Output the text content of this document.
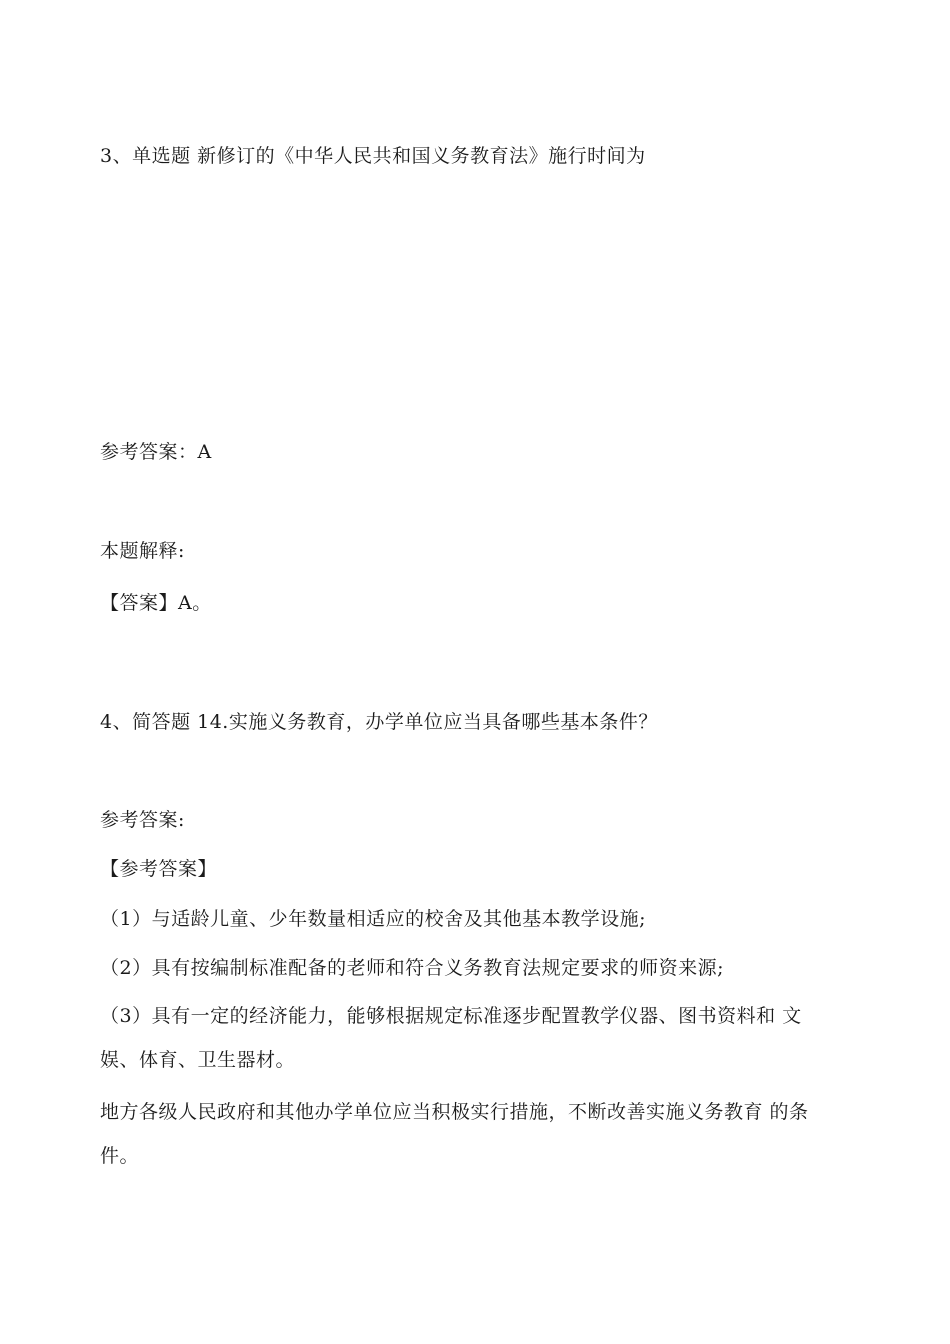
3、单选题 新修订的《中华人民共和国义务教育法》施行时间为
参考答案：A
本题解释:
【答案】A。
4、简答题 14.实施义务教育，办学单位应当具备哪些基本条件？
参考答案:
【参考答案】
（1）与适龄儿童、少年数量相适应的校舍及其他基本教学设施;
（2）具有按编制标准配备的老师和符合义务教育法规定要求的师资来源;

（3）具有一定的经济能力，能够根据规定标准逐步配置教学仪器、图书资料和 文娱、体育、卫生器材。

地方各级人民政府和其他办学单位应当积极实行措施，不断改善实施义务教育 的条件。
